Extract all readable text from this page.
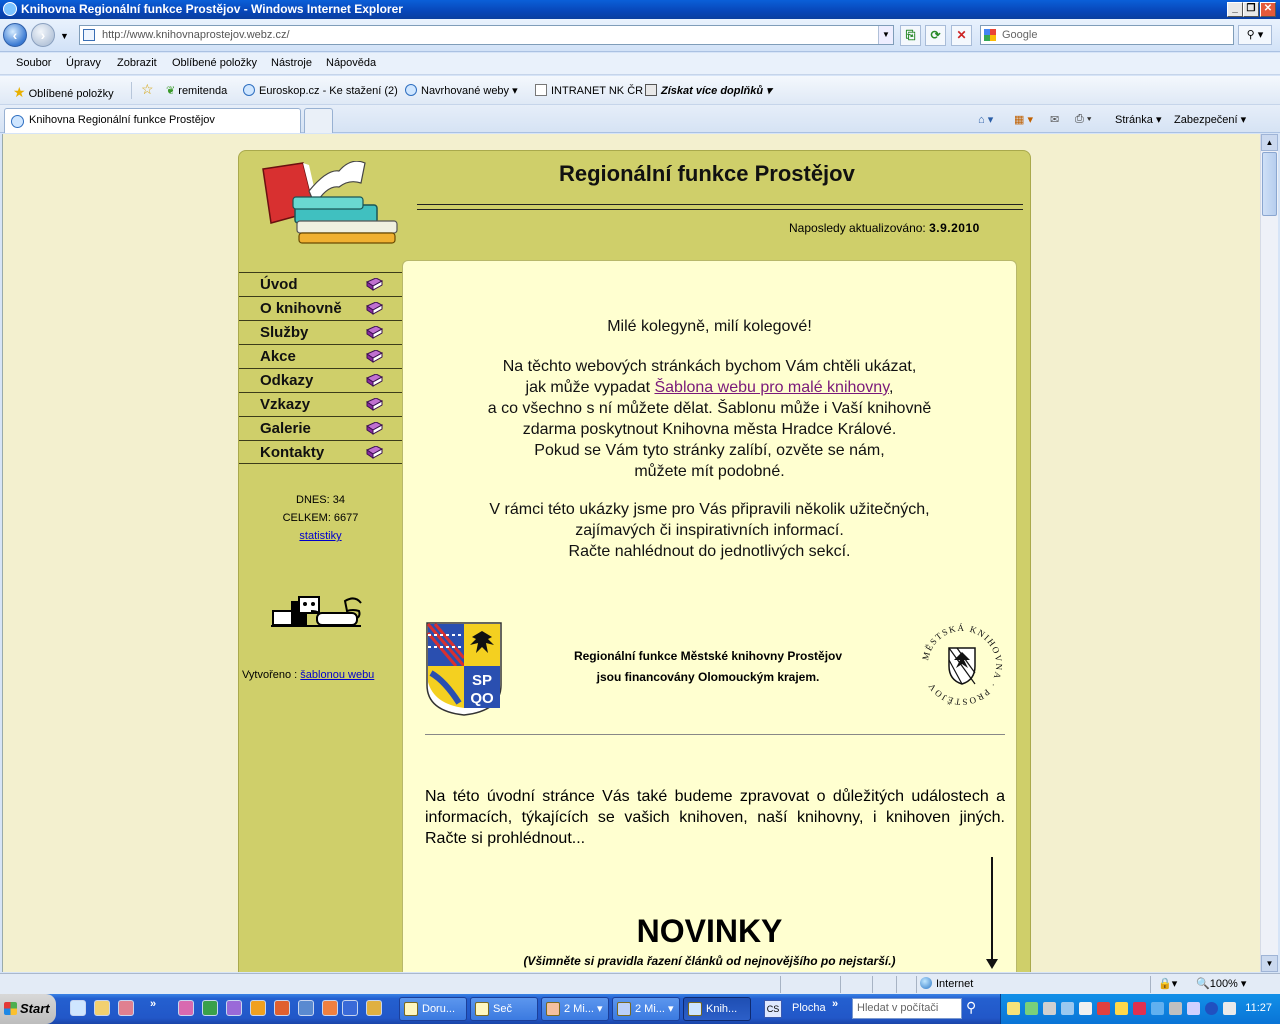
Knihovna Regionální funkce Prostějov - Windows Internet Explorer	_ ❐ ✕
‹	›	▼	http://www.knihovnaprostejov.webz.cz/	▼	⎘	⟳	✕	Google	⚲ ▾
Soubor Úpravy Zobrazit Oblíbené položky Nástroje Nápověda
★ Oblíbené položky ☆ ❦ remitenda	Euroskop.cz - Ke stažení (2)	Navrhované weby ▾	INTRANET NK ČR	Získat více doplňků ▾
Knihovna Regionální funkce Prostějov	⌂ ▾ ▦ ▾ ✉ ⎙ ▾ Stránka ▾ Zabezpečení ▾
Regionální funkce Prostějov
Naposledy aktualizováno: 3.9.2010
Úvod
O knihovně
Služby
Akce
Odkazy
Vzkazy
Galerie
Kontakty
DNES: 34
CELKEM: 6677
statistiky
Vytvořeno : šablonou webu
Milé kolegyně, milí kolegové!
Na těchto webových stránkách bychom Vám chtěli ukázat,
jak může vypadat Šablona webu pro malé knihovny,
a co všechno s ní můžete dělat. Šablonu může i Vaší knihovně
zdarma poskytnout Knihovna města Hradce Králové.
Pokud se Vám tyto stránky zalíbí, ozvěte se nám,
můžete mít podobné.
V rámci této ukázky jsme pro Vás připravili několik užitečných,
zajímavých či inspirativních informací.
Račte nahlédnout do jednotlivých sekcí.
SP
QO
Regionální funkce Městské knihovny Prostějov
jsou financovány Olomouckým krajem.
MĚSTSKÁ KNIHOVNA · PROSTĚJOV
Na této úvodní stránce Vás také budeme zpravovat o důležitých událostech a informacích, týkajících se vašich knihoven, naší knihovny, i knihoven jiných. Račte si prohlédnout...
NOVINKY
(Všimněte si pravidla řazení článků od nejnovějšího po nejstarší.)
▲
▼
Internet	🔒▾ 🔍100% ▾
Start	»	Doru...	Seč	2 Mi... ▾	2 Mi... ▾	Knih...	CS Plocha »	Hledat v počítači	⚲	11:27
